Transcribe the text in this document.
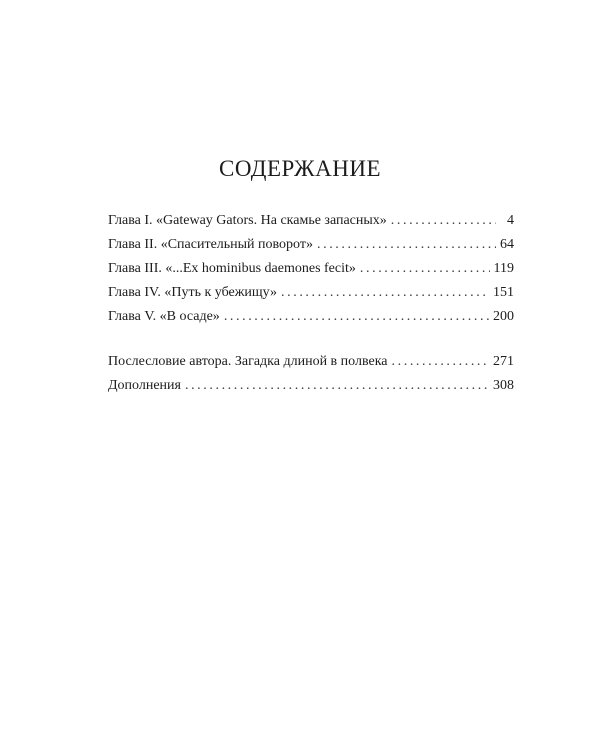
СОДЕРЖАНИЕ
Глава I. «Gateway Gators. На скамье запасных» .....	4
Глава II. «Спасительный поворот» .....	64
Глава III. «...Ex hominibus daemones fecit» .....	119
Глава IV. «Путь к убежищу» .....	151
Глава V. «В осаде» .....	200
Послесловие автора. Загадка длиной в полвека .....	271
Дополнения .....	308
